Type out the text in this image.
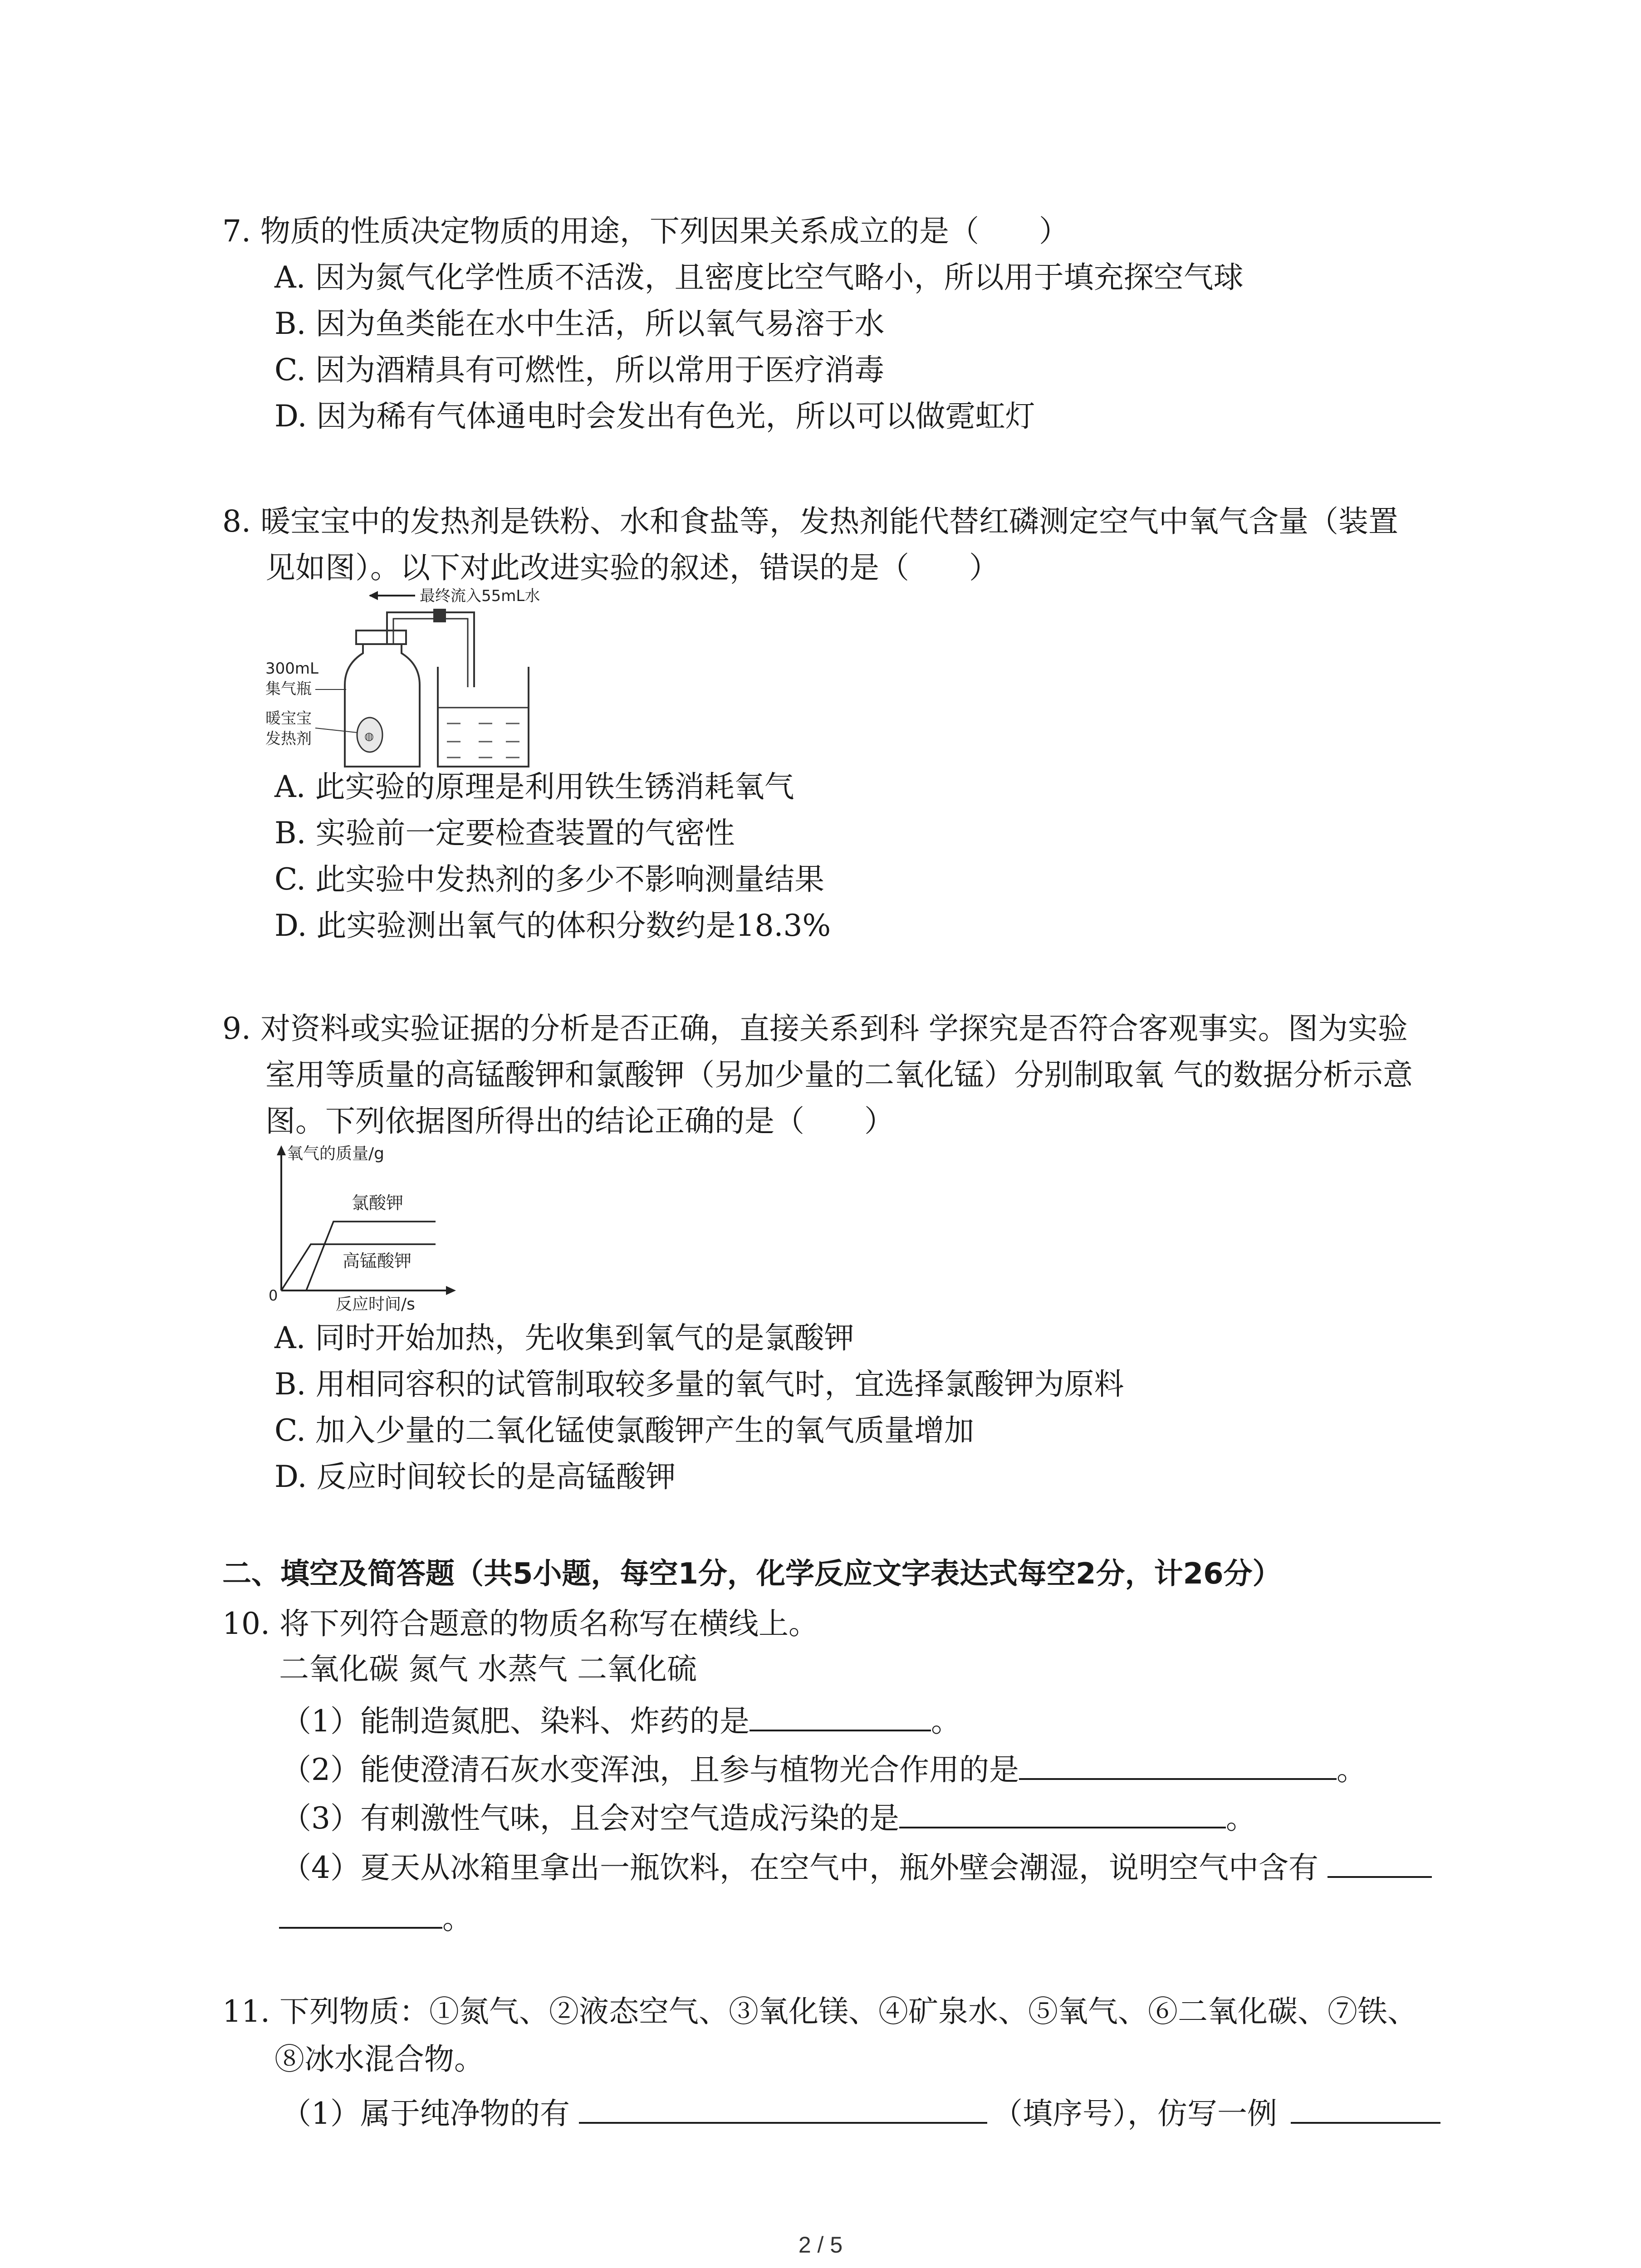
7. 物质的性质决定物质的用途，下列因果关系成立的是（　　）
A. 因为氮气化学性质不活泼，且密度比空气略小，所以用于填充探空气球
B. 因为鱼类能在水中生活，所以氧气易溶于水
C. 因为酒精具有可燃性，所以常用于医疗消毒
D. 因为稀有气体通电时会发出有色光，所以可以做霓虹灯
8. 暖宝宝中的发热剂是铁粉、水和食盐等，发热剂能代替红磷测定空气中氧气含量（装置
见如图）。以下对此改进实验的叙述，错误的是（　　）
最终流入55mL水
◍
300mL
集气瓶
暖宝宝
发热剂
A. 此实验的原理是利用铁生锈消耗氧气
B. 实验前一定要检查装置的气密性
C. 此实验中发热剂的多少不影响测量结果
D. 此实验测出氧气的体积分数约是18.3%
9. 对资料或实验证据的分析是否正确，直接关系到科 学探究是否符合客观事实。图为实验
室用等质量的高锰酸钾和氯酸钾（另加少量的二氧化锰）分别制取氧 气的数据分析示意
图。下列依据图所得出的结论正确的是（　　）
氧气的质量/g
反应时间/s
0
氯酸钾
高锰酸钾
A. 同时开始加热，先收集到氧气的是氯酸钾
B. 用相同容积的试管制取较多量的氧气时，宜选择氯酸钾为原料
C. 加入少量的二氧化锰使氯酸钾产生的氧气质量增加
D. 反应时间较长的是高锰酸钾
二、填空及简答题（共5小题，每空1分，化学反应文字表达式每空2分，计26分）
10. 将下列符合题意的物质名称写在横线上。
二氧化碳 氮气 水蒸气 二氧化硫
（1）能制造氮肥、染料、炸药的是	。
（2）能使澄清石灰水变浑浊，且参与植物光合作用的是	。
（3）有刺激性气味，且会对空气造成污染的是	。
（4）夏天从冰箱里拿出一瓶饮料，在空气中，瓶外壁会潮湿，说明空气中含有
。
11. 下列物质：①氮气、②液态空气、③氧化镁、④矿泉水、⑤氧气、⑥二氧化碳、⑦铁、
⑧冰水混合物。
（1）属于纯净物的有	（填序号），仿写一例
2 / 5
